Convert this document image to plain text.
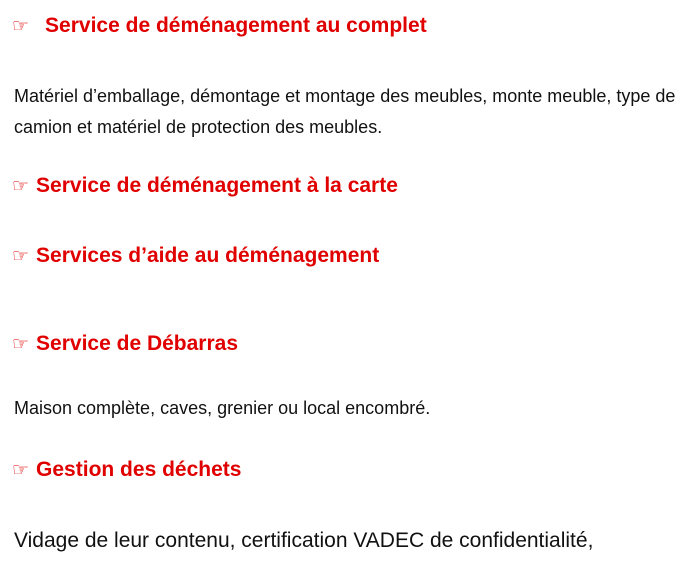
☞ Service de déménagement au complet
Matériel d’emballage, démontage et montage des meubles, monte meuble, type de camion et matériel de protection des meubles.
☞ Service de déménagement à la carte
☞ Services d’aide au déménagement
☞ Service de Débarras
Maison complète, caves, grenier ou local encombré.
☞ Gestion des déchets
Vidage de leur contenu, certification VADEC de confidentialité,
